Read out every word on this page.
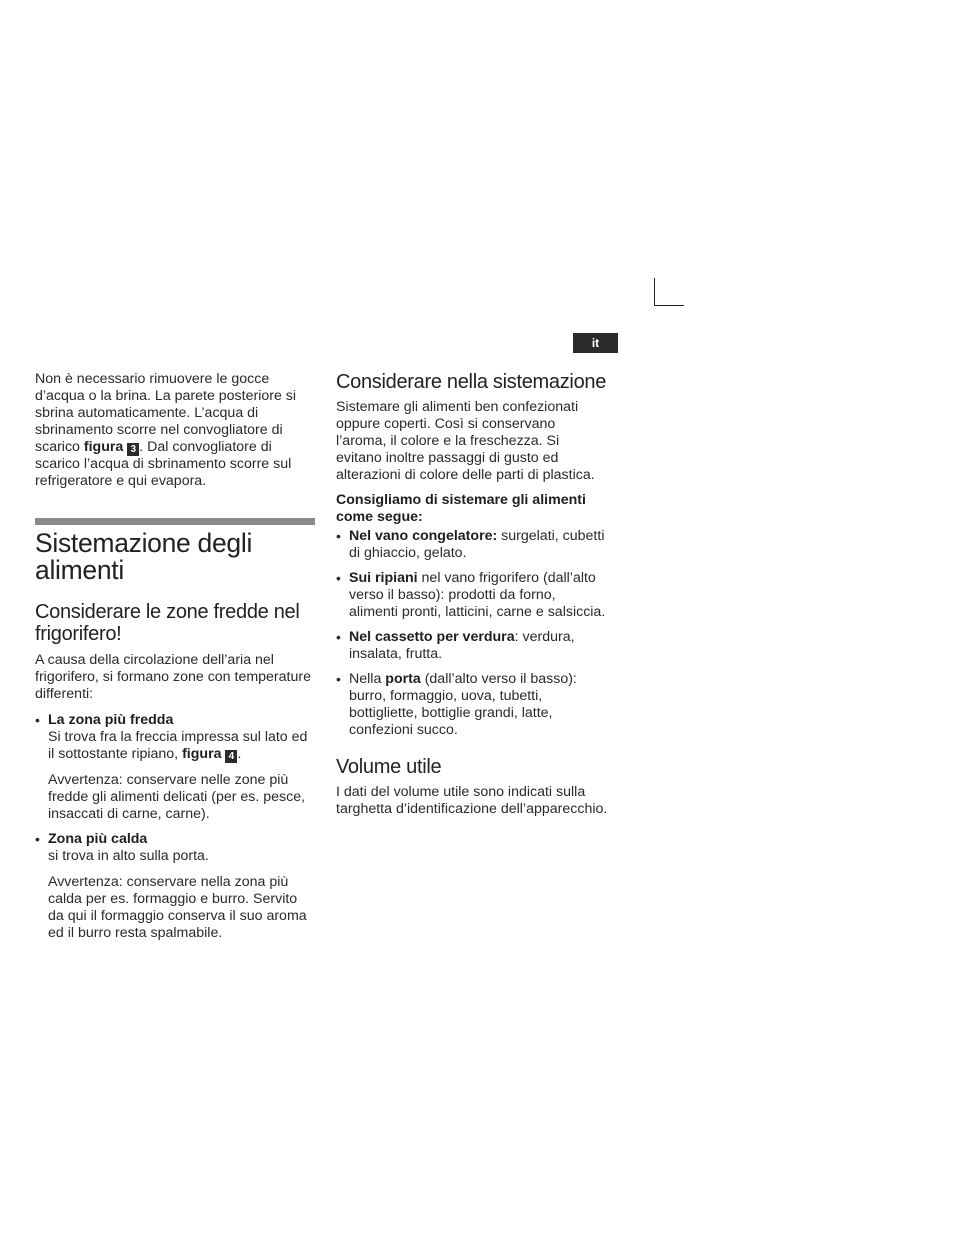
it

Non è necessario rimuovere le gocce d’acqua o la brina. La parete posteriore si sbrina automaticamente. L’acqua di sbrinamento scorre nel convogliatore di scarico figura 3 . Dal convogliatore di scarico l’acqua di sbrinamento scorre sul refrigeratore e qui evapora.

Sistemazione degli alimenti
Considerare le zone fredde nel frigorifero!

A causa della circolazione dell’aria nel frigorifero, si formano zone con temperature differenti:

• La zona più fredda

Si trova fra la freccia impressa sul lato ed il sottostante ripiano, figura 4 .

Avvertenza: conservare nelle zone più fredde gli alimenti delicati (per es. pesce, insaccati di carne, carne).

• Zona più calda

si trova in alto sulla porta.

Avvertenza: conservare nella zona più calda per es. formaggio e burro. Servito da qui il formaggio conserva il suo aroma ed il burro resta spalmabile.

Considerare nella sistemazione

Sistemare gli alimenti ben confezionati oppure coperti. Così si conservano l’aroma, il colore e la freschezza. Si evitano inoltre passaggi di gusto ed alterazioni di colore delle parti di plastica.

Consigliamo di sistemare gli alimenti come segue:

• Nel vano congelatore: surgelati, cubetti di ghiaccio, gelato.

• Sui ripiani nel vano frigorifero (dall’alto verso il basso): prodotti da forno, alimenti pronti, latticini, carne e salsiccia.

• Nel cassetto per verdura: verdura, insalata, frutta.

• Nella porta (dall’alto verso il basso): burro, formaggio, uova, tubetti, bottigliette, bottiglie grandi, latte, confezioni succo.

Volume utile

I dati del volume utile sono indicati sulla targhetta d’identificazione dell’apparecchio.
